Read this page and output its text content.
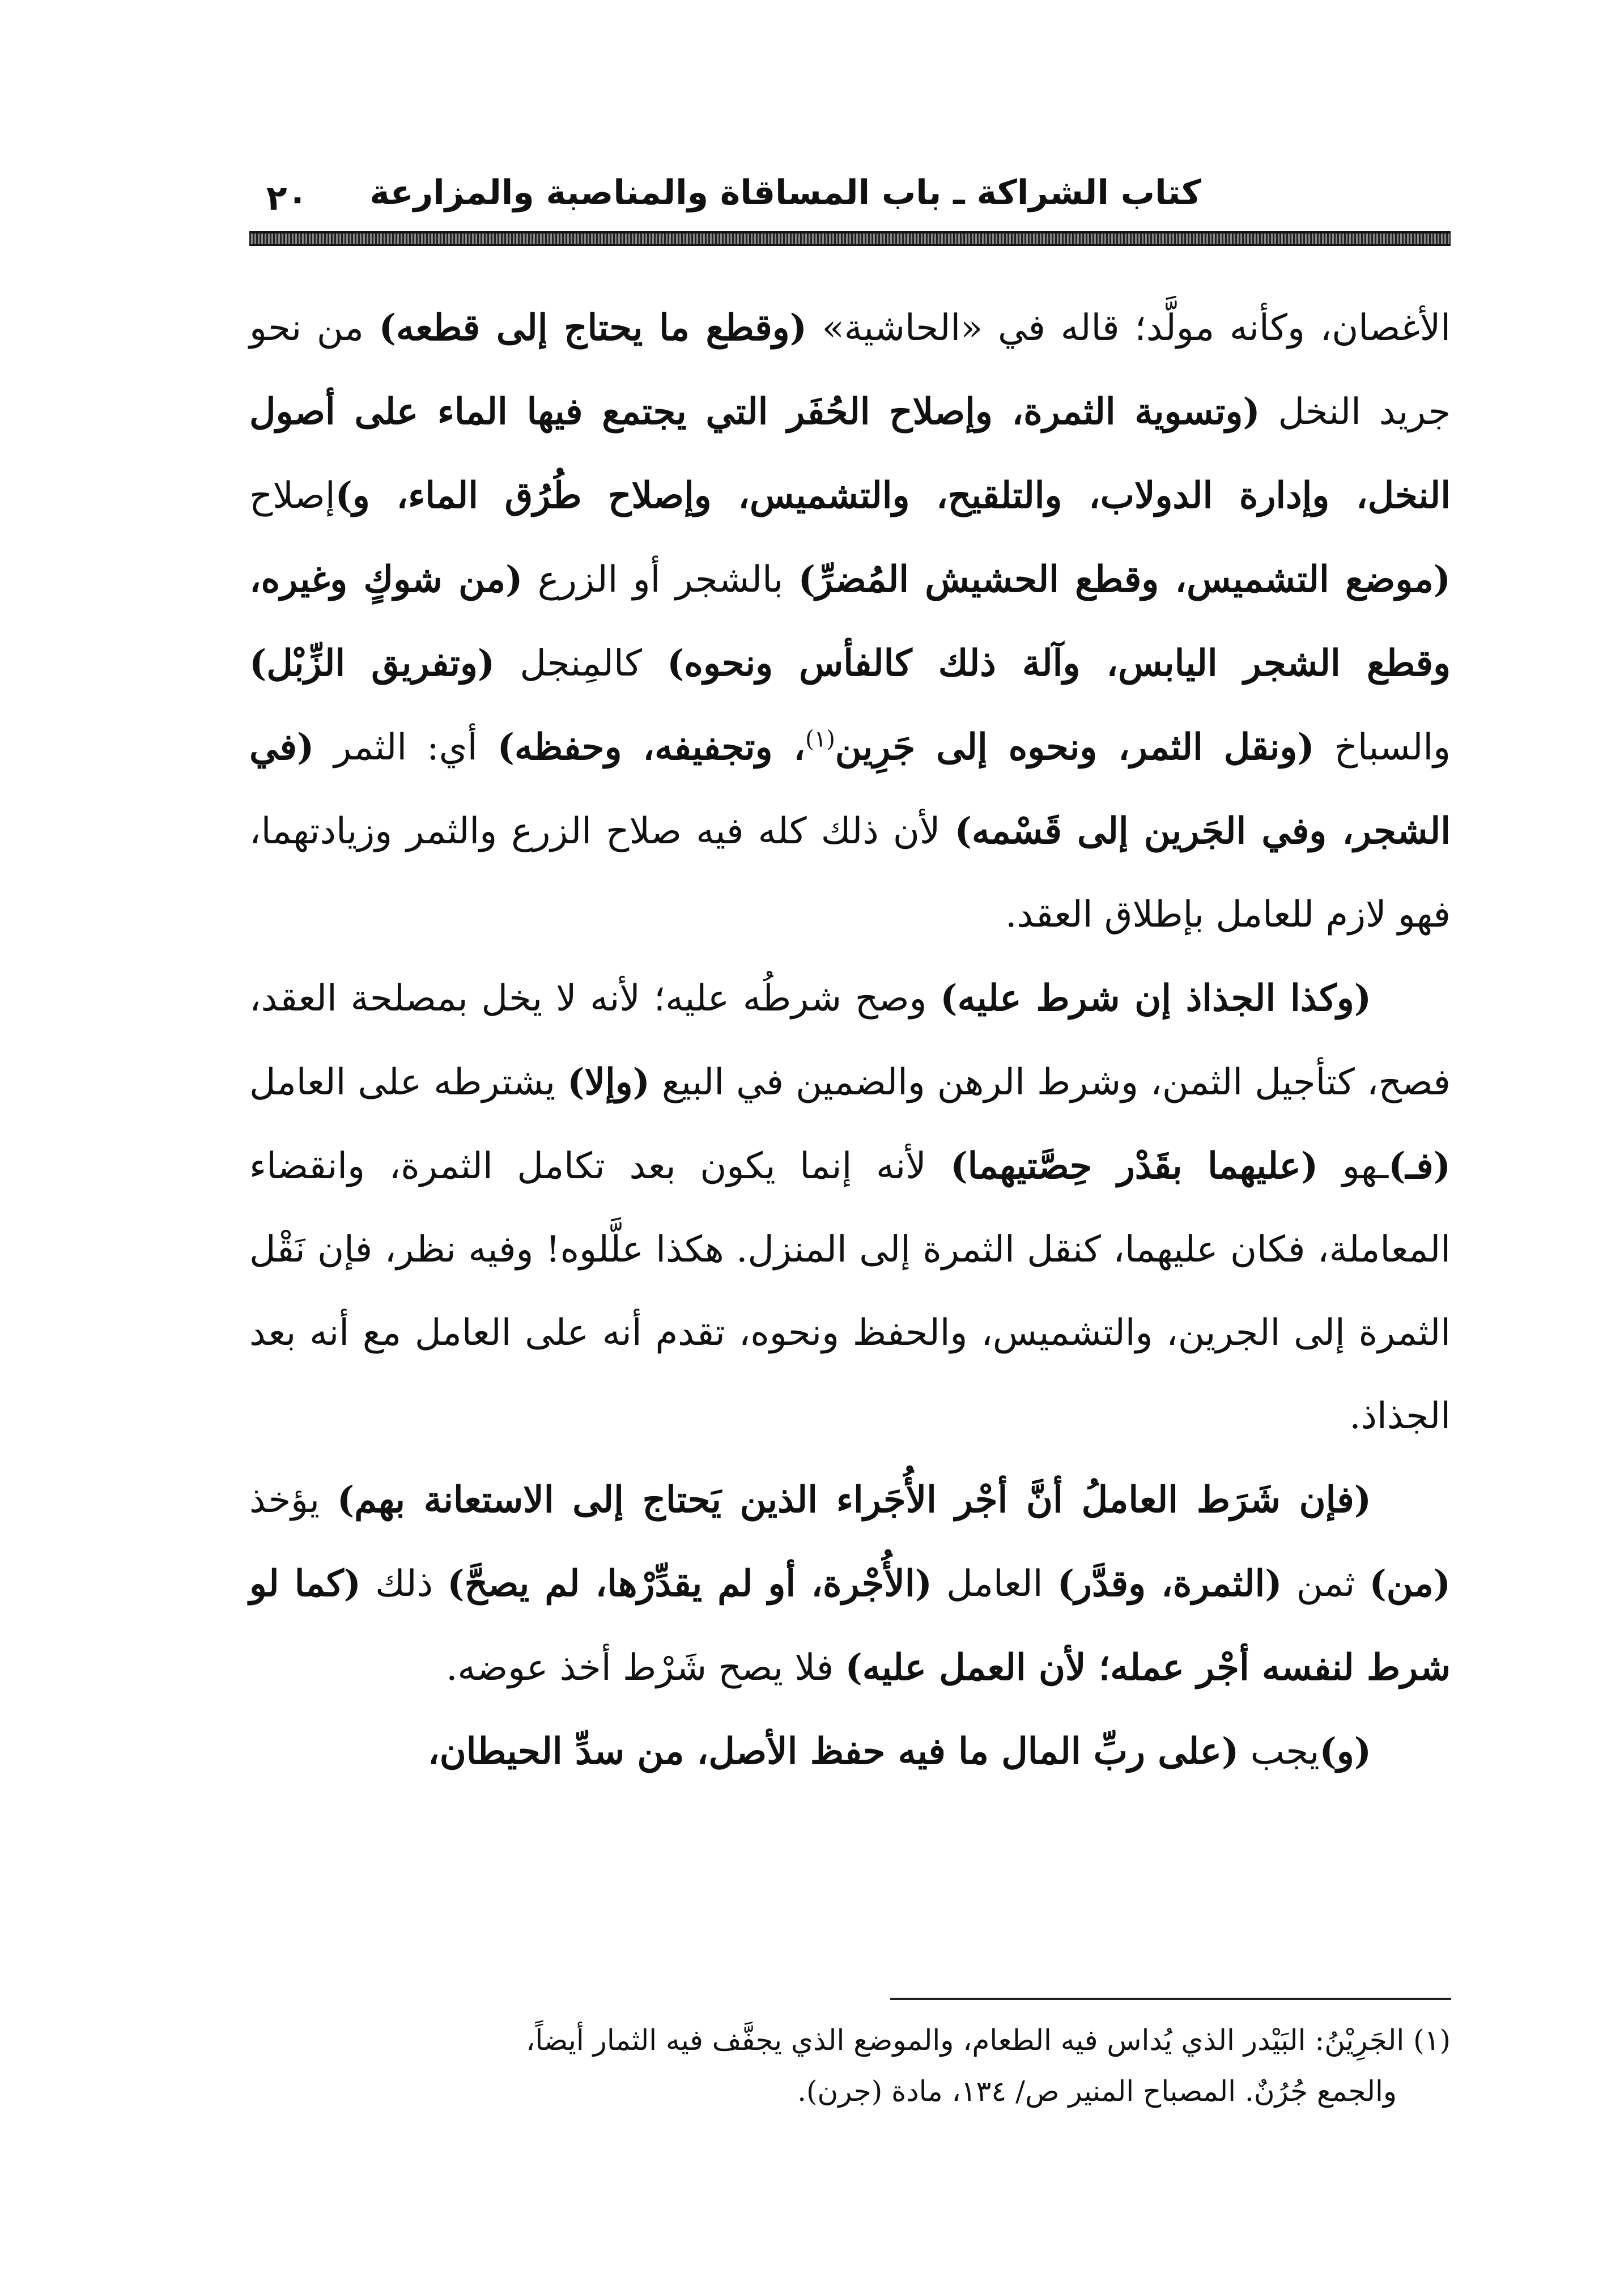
كتاب الشراكة ـ باب المساقاة والمناصبة والمزارعة
٢٠

الأغصان، وكأنه مولَّد؛ قاله في «الحاشية» (وقطع ما يحتاج إلى قطعه) من نحو جريد النخل (وتسوية الثمرة، وإصلاح الحُفَر التي يجتمع فيها الماء على أصول النخل، وإدارة الدولاب، والتلقيح، والتشميس، وإصلاح طُرُق الماء، و)إصلاح (موضع التشميس، وقطع الحشيش المُضرِّ) بالشجر أو الزرع (من شوكٍ وغيره، وقطع الشجر اليابس، وآلة ذلك كالفأس ونحوه) كالمِنجل (وتفريق الزِّبْل) والسباخ (ونقل الثمر، ونحوه إلى جَرِين$^{(١)}$، وتجفيفه، وحفظه) أي: الثمر (في الشجر، وفي الجَرين إلى قَسْمه) لأن ذلك كله فيه صلاح الزرع والثمر وزيادتهما، فهو لازم للعامل بإطلاق العقد.

(وكذا الجذاذ إن شرط عليه) وصح شرطُه عليه؛ لأنه لا يخل بمصلحة العقد، فصح، كتأجيل الثمن، وشرط الرهن والضمين في البيع (وإلا) يشترطه على العامل (فـ)ـهو (عليهما بقَدْر حِصَّتيهما) لأنه إنما يكون بعد تكامل الثمرة، وانقضاء المعاملة، فكان عليهما، كنقل الثمرة إلى المنزل. هكذا علَّلوه! وفيه نظر، فإن نَقْل الثمرة إلى الجرين، والتشميس، والحفظ ونحوه، تقدم أنه على العامل مع أنه بعد الجذاذ.

(فإن شَرَط العاملُ أنَّ أجْر الأُجَراء الذين يَحتاج إلى الاستعانة بهم) يؤخذ (من) ثمن (الثمرة، وقدَّر) العامل (الأُجْرة، أو لم يقدِّرْها، لم يصحَّ) ذلك (كما لو شرط لنفسه أجْر عمله؛ لأن العمل عليه) فلا يصح شَرْط أخذ عوضه.

(و)يجب (على ربِّ المال ما فيه حفظ الأصل، من سدِّ الحيطان،

(١) الجَرِيْنُ: البَيْدر الذي يُداس فيه الطعام، والموضع الذي يجفَّف فيه الثمار أيضاً،

والجمع جُرُنٌ. المصباح المنير ص/ ١٣٤، مادة (جرن).
